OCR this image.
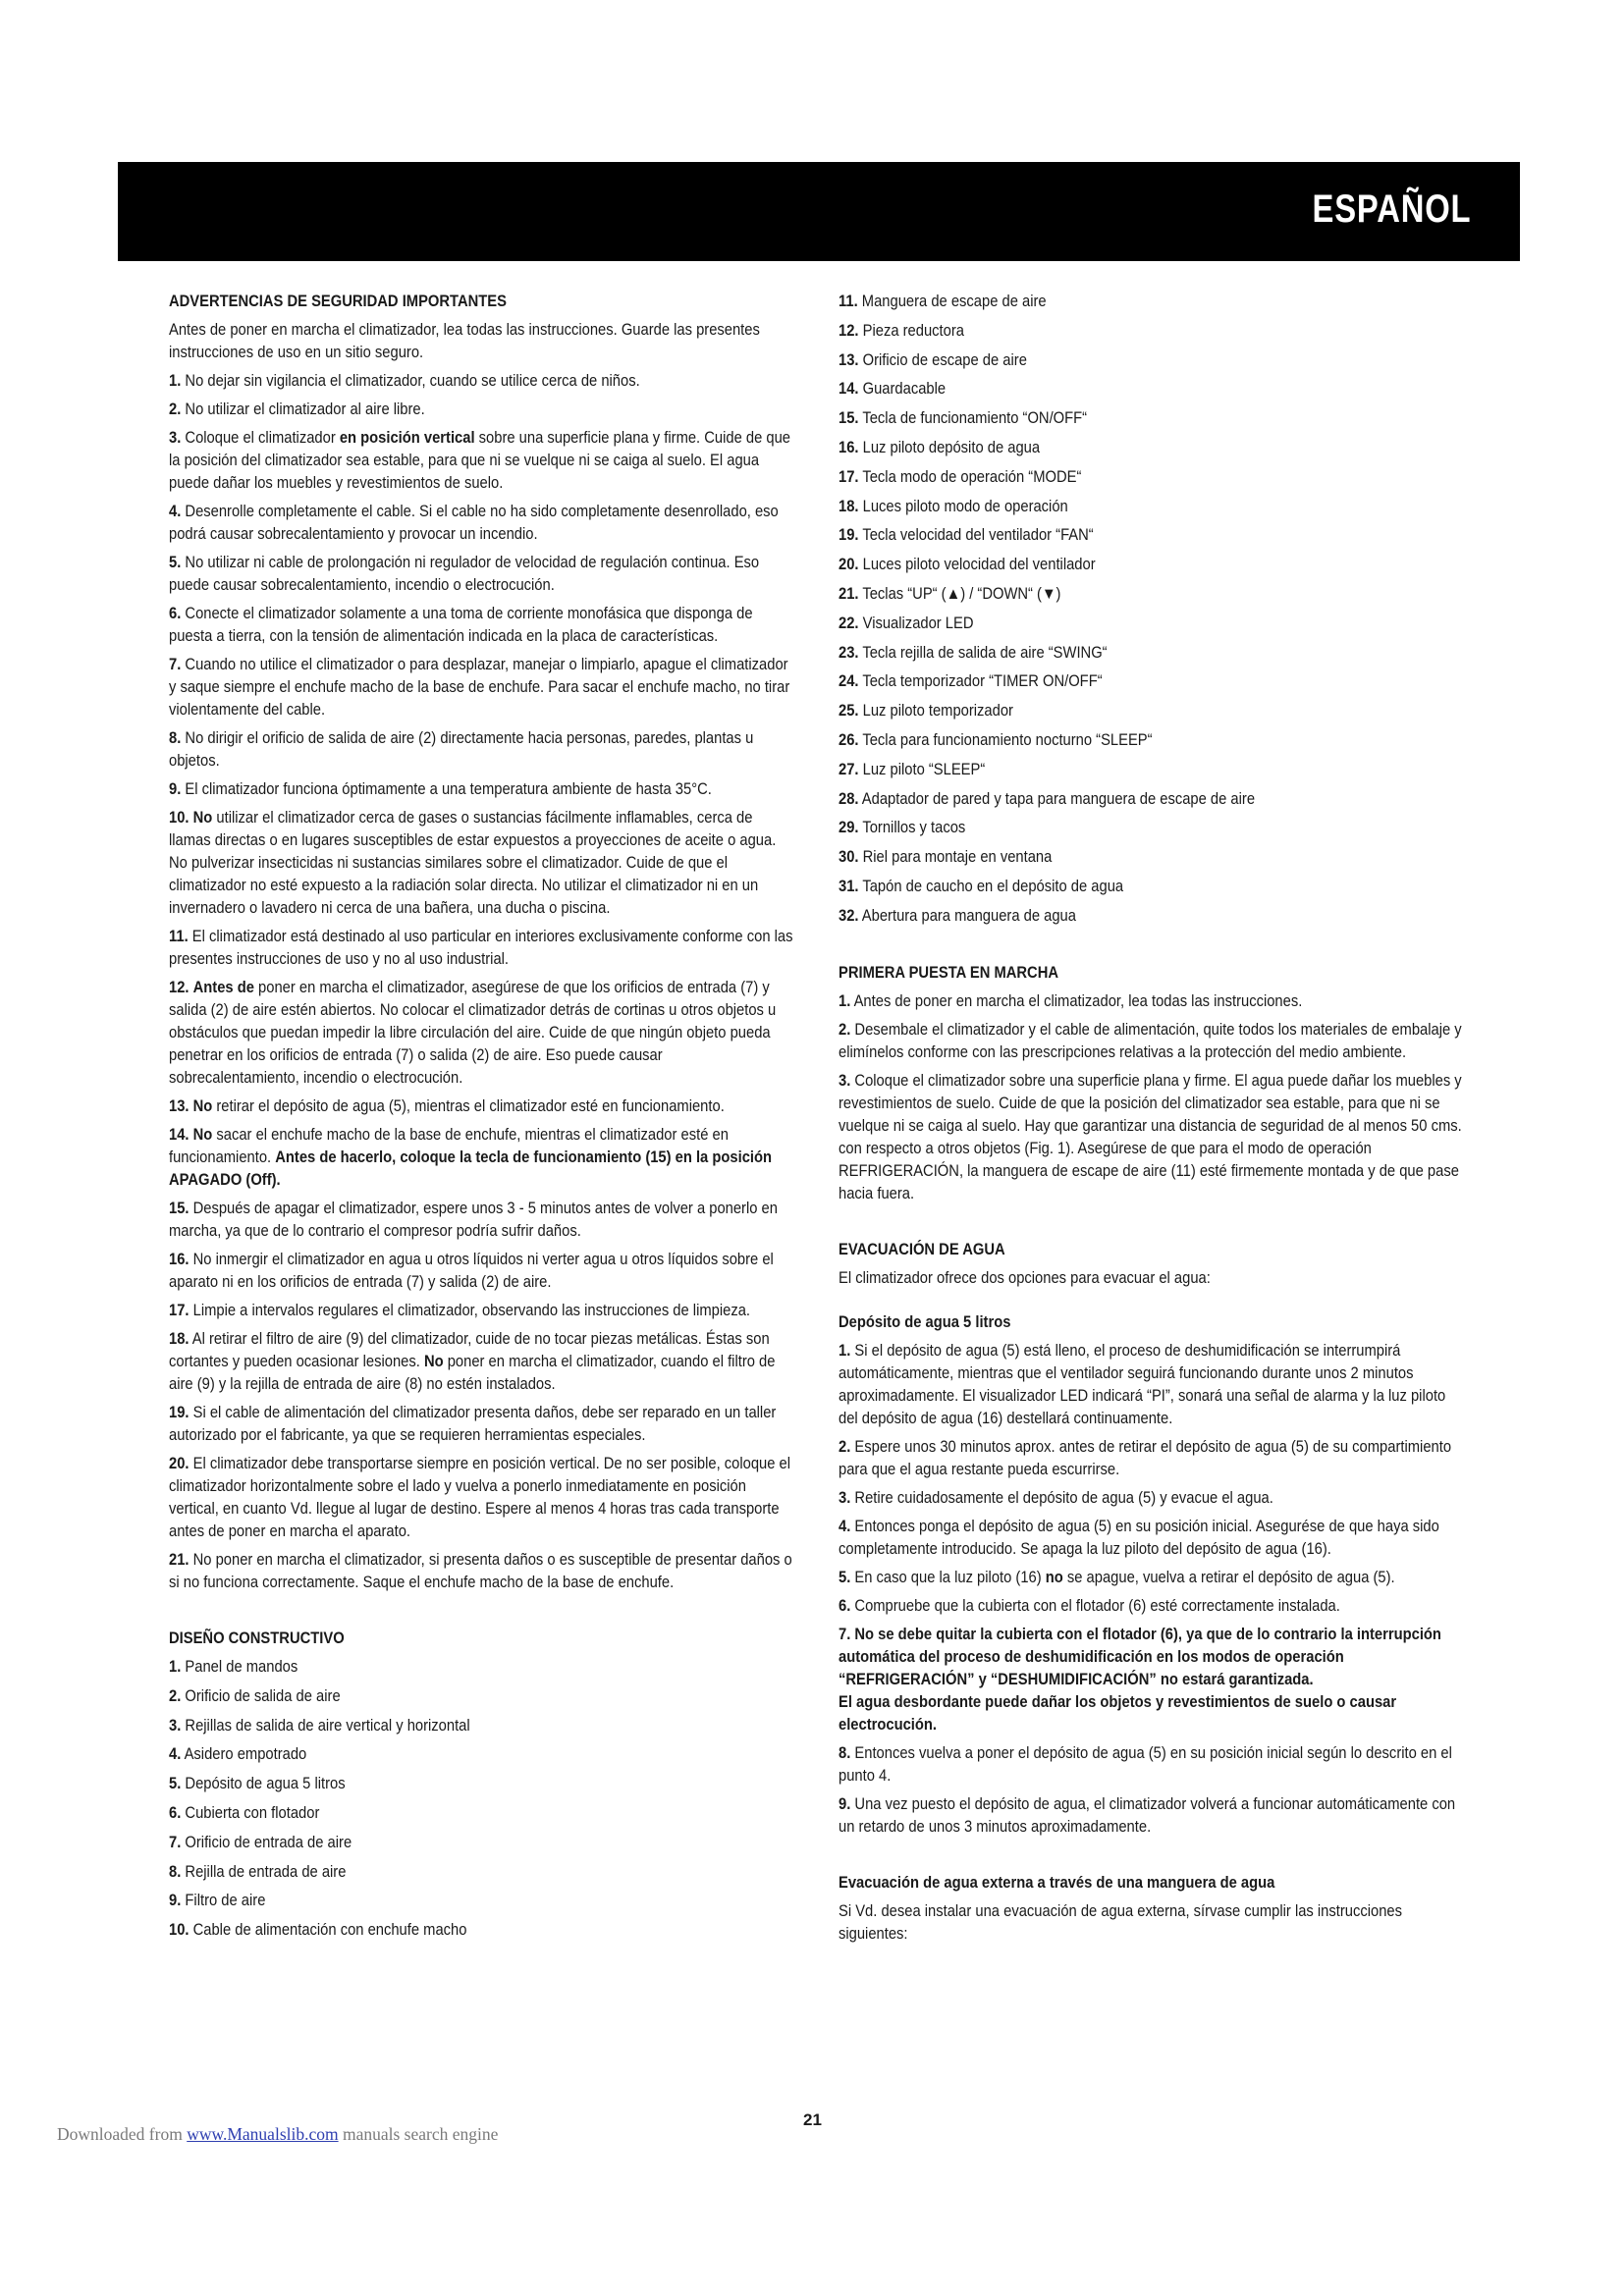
ESPAÑOL
ADVERTENCIAS DE SEGURIDAD IMPORTANTES

Antes de poner en marcha el climatizador, lea todas las instrucciones. Guarde las presentes instrucciones de uso en un sitio seguro.

1. No dejar sin vigilancia el climatizador, cuando se utilice cerca de niños.
2. No utilizar el climatizador al aire libre.
3. Coloque el climatizador en posición vertical sobre una superficie plana y firme. Cuide de que la posición del climatizador sea estable, para que ni se vuelque ni se caiga al suelo. El agua puede dañar los muebles y revestimientos de suelo.
4. Desenrolle completamente el cable. Si el cable no ha sido completamente desenrollado, eso podrá causar sobrecalentamiento y provocar un incendio.
5. No utilizar ni cable de prolongación ni regulador de velocidad de regulación continua. Eso puede causar sobrecalentamiento, incendio o electrocución.
6. Conecte el climatizador solamente a una toma de corriente monofásica que disponga de puesta a tierra, con la tensión de alimentación indicada en la placa de características.
7. Cuando no utilice el climatizador o para desplazar, manejar o limpiarlo, apague el climatizador y saque siempre el enchufe macho de la base de enchufe. Para sacar el enchufe macho, no tirar violentamente del cable.
8. No dirigir el orificio de salida de aire (2) directamente hacia personas, paredes, plantas u objetos.
9. El climatizador funciona óptimamente a una temperatura ambiente de hasta 35°C.
10. No utilizar el climatizador cerca de gases o sustancias fácilmente inflamables, cerca de llamas directas o en lugares susceptibles de estar expuestos a proyecciones de aceite o agua. No pulverizar insecticidas ni sustancias similares sobre el climatizador. Cuide de que el climatizador no esté expuesto a la radiación solar directa. No utilizar el climatizador ni en un invernadero o lavadero ni cerca de una bañera, una ducha o piscina.
11. El climatizador está destinado al uso particular en interiores exclusivamente conforme con las presentes instrucciones de uso y no al uso industrial.
12. Antes de poner en marcha el climatizador, asegúrese de que los orificios de entrada (7) y salida (2) de aire estén abiertos. No colocar el climatizador detrás de cortinas u otros objetos u obstáculos que puedan impedir la libre circulación del aire. Cuide de que ningún objeto pueda penetrar en los orificios de entrada (7) o salida (2) de aire. Eso puede causar sobrecalentamiento, incendio o electrocución.
13. No retirar el depósito de agua (5), mientras el climatizador esté en funcionamiento.
14. No sacar el enchufe macho de la base de enchufe, mientras el climatizador esté en funcionamiento. Antes de hacerlo, coloque la tecla de funcionamiento (15) en la posición APAGADO (Off).
15. Después de apagar el climatizador, espere unos 3 - 5 minutos antes de volver a ponerlo en marcha, ya que de lo contrario el compresor podría sufrir daños.
16. No inmergir el climatizador en agua u otros líquidos ni verter agua u otros líquidos sobre el aparato ni en los orificios de entrada (7) y salida (2) de aire.
17. Limpie a intervalos regulares el climatizador, observando las instrucciones de limpieza.
18. Al retirar el filtro de aire (9) del climatizador, cuide de no tocar piezas metálicas. Éstas son cortantes y pueden ocasionar lesiones. No poner en marcha el climatizador, cuando el filtro de aire (9) y la rejilla de entrada de aire (8) no estén instalados.
19. Si el cable de alimentación del climatizador presenta daños, debe ser reparado en un taller autorizado por el fabricante, ya que se requieren herramientas especiales.
20. El climatizador debe transportarse siempre en posición vertical. De no ser posible, coloque el climatizador horizontalmente sobre el lado y vuelva a ponerlo inmediatamente en posición vertical, en cuanto Vd. llegue al lugar de destino. Espere al menos 4 horas tras cada transporte antes de poner en marcha el aparato.
21. No poner en marcha el climatizador, si presenta daños o es susceptible de presentar daños o si no funciona correctamente. Saque el enchufe macho de la base de enchufe.
DISEÑO CONSTRUCTIVO
1. Panel de mandos
2. Orificio de salida de aire
3. Rejillas de salida de aire vertical y horizontal
4. Asidero empotrado
5. Depósito de agua 5 litros
6. Cubierta con flotador
7. Orificio de entrada de aire
8. Rejilla de entrada de aire
9. Filtro de aire
10. Cable de alimentación con enchufe macho
11. Manguera de escape de aire
12. Pieza reductora
13. Orificio de escape de aire
14. Guardacable
15. Tecla de funcionamiento “ON/OFF“
16. Luz piloto depósito de agua
17. Tecla modo de operación “MODE“
18. Luces piloto modo de operación
19. Tecla velocidad del ventilador “FAN“
20. Luces piloto velocidad del ventilador
21. Teclas “UP“ (▲) / “DOWN“ (▼)
22. Visualizador LED
23. Tecla rejilla de salida de aire “SWING“
24. Tecla temporizador “TIMER ON/OFF“
25. Luz piloto temporizador
26. Tecla para funcionamiento nocturno “SLEEP“
27. Luz piloto “SLEEP“
28. Adaptador de pared y tapa para manguera de escape de aire
29. Tornillos y tacos
30. Riel para montaje en ventana
31. Tapón de caucho en el depósito de agua
32. Abertura para manguera de agua
PRIMERA PUESTA EN MARCHA
1. Antes de poner en marcha el climatizador, lea todas las instrucciones.
2. Desembale el climatizador y el cable de alimentación, quite todos los materiales de embalaje y elimínelos conforme con las prescripciones relativas a la protección del medio ambiente.
3. Coloque el climatizador sobre una superficie plana y firme. El agua puede dañar los muebles y revestimientos de suelo. Cuide de que la posición del climatizador sea estable, para que ni se vuelque ni se caiga al suelo. Hay que garantizar una distancia de seguridad de al menos 50 cms. con respecto a otros objetos (Fig. 1). Asegúrese de que para el modo de operación REFRIGERACIÓN, la manguera de escape de aire (11) esté firmemente montada y de que pase hacia fuera.
EVACUACIÓN DE AGUA

El climatizador ofrece dos opciones para evacuar el agua:

Depósito de agua 5 litros
1. Si el depósito de agua (5) está lleno, el proceso de deshumidificación se interrumpirá automáticamente, mientras que el ventilador seguirá funcionando durante unos 2 minutos aproximadamente. El visualizador LED indicará “PI”, sonará una señal de alarma y la luz piloto del depósito de agua (16) destellará continuamente.
2. Espere unos 30 minutos aprox. antes de retirar el depósito de agua (5) de su compartimiento para que el agua restante pueda escurrirse.
3. Retire cuidadosamente el depósito de agua (5) y evacue el agua.
4. Entonces ponga el depósito de agua (5) en su posición inicial. Asegurése de que haya sido completamente introducido. Se apaga la luz piloto del depósito de agua (16).
5. En caso que la luz piloto (16) no se apague, vuelva a retirar el depósito de agua (5).
6. Compruebe que la cubierta con el flotador (6) esté correctamente instalada.

7. No se debe quitar la cubierta con el flotador (6), ya que de lo contrario la interrupción automática del proceso de deshumidificación en los modos de operación “REFRIGERACIÓN” y “DESHUMIDIFICACIÓN” no estará garantizada.

El agua desbordante puede dañar los objetos y revestimientos de suelo o causar electrocución.

8. Entonces vuelva a poner el depósito de agua (5) en su posición inicial según lo descrito en el punto 4.
9. Una vez puesto el depósito de agua, el climatizador volverá a funcionar automáticamente con un retardo de unos 3 minutos aproximadamente.
Evacuación de agua externa a través de una manguera de agua

Si Vd. desea instalar una evacuación de agua externa, sírvase cumplir las instrucciones siguientes:

21
Downloaded from www.Manualslib.com manuals search engine
